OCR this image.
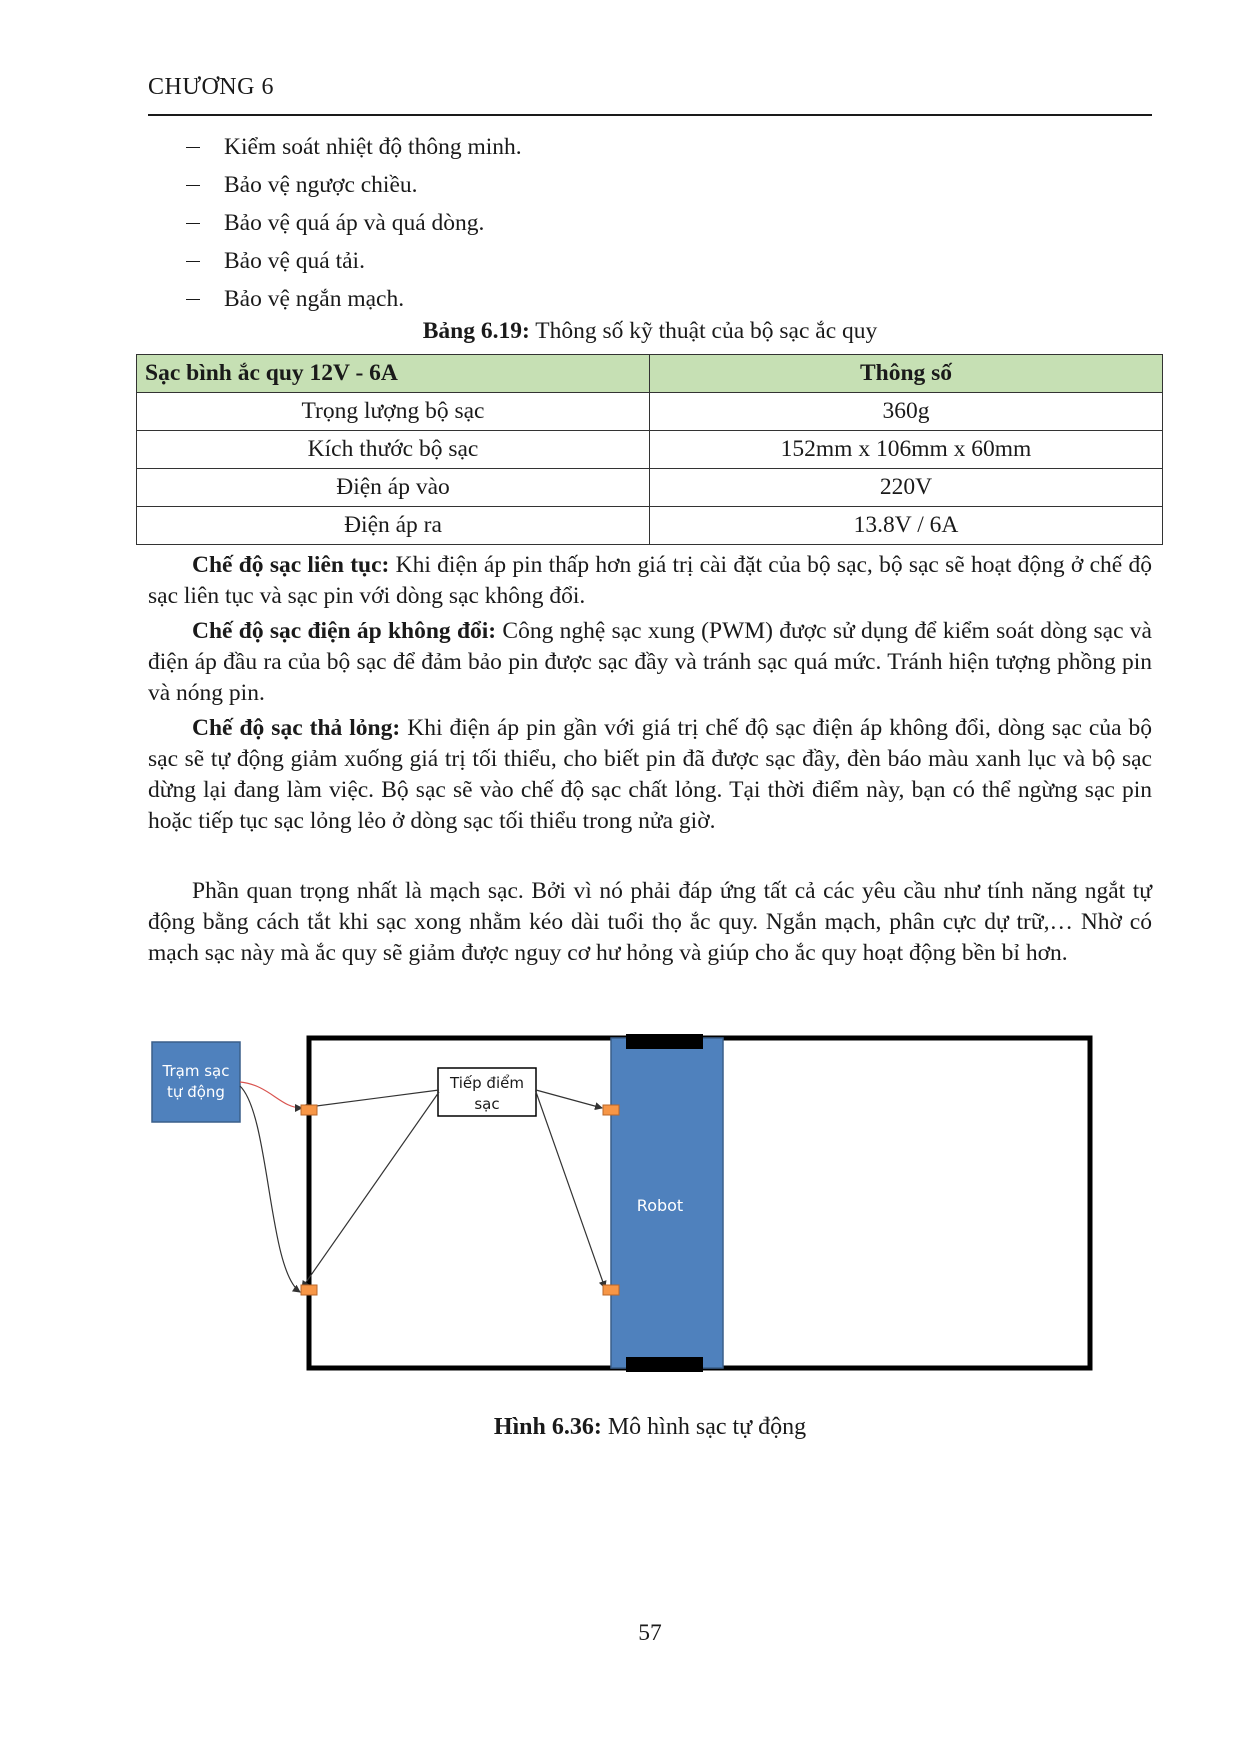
CHƯƠNG 6
Kiểm soát nhiệt độ thông minh.
Bảo vệ ngược chiều.
Bảo vệ quá áp và quá dòng.
Bảo vệ quá tải.
Bảo vệ ngắn mạch.
Bảng 6.19: Thông số kỹ thuật của bộ sạc ắc quy
Sạc bình ắc quy 12V - 6A	Thông số
Trọng lượng bộ sạc	360g
Kích thước bộ sạc	152mm x 106mm x 60mm
Điện áp vào	220V
Điện áp ra	13.8V / 6A

Chế độ sạc liên tục: Khi điện áp pin thấp hơn giá trị cài đặt của bộ sạc, bộ sạc sẽ hoạt động ở chế độ sạc liên tục và sạc pin với dòng sạc không đổi.

Chế độ sạc điện áp không đổi: Công nghệ sạc xung (PWM) được sử dụng để kiểm soát dòng sạc và điện áp đầu ra của bộ sạc để đảm bảo pin được sạc đầy và tránh sạc quá mức. Tránh hiện tượng phồng pin và nóng pin.

Chế độ sạc thả lỏng: Khi điện áp pin gần với giá trị chế độ sạc điện áp không đổi, dòng sạc của bộ sạc sẽ tự động giảm xuống giá trị tối thiểu, cho biết pin đã được sạc đầy, đèn báo màu xanh lục và bộ sạc dừng lại đang làm việc. Bộ sạc sẽ vào chế độ sạc chất lỏng. Tại thời điểm này, bạn có thể ngừng sạc pin hoặc tiếp tục sạc lỏng lẻo ở dòng sạc tối thiểu trong nửa giờ.

Phần quan trọng nhất là mạch sạc. Bởi vì nó phải đáp ứng tất cả các yêu cầu như tính năng ngắt tự động bằng cách tắt khi sạc xong nhằm kéo dài tuổi thọ ắc quy. Ngắn mạch, phân cực dự trữ,… Nhờ có mạch sạc này mà ắc quy sẽ giảm được nguy cơ hư hỏng và giúp cho ắc quy hoạt động bền bỉ hơn.

Robot
Trạm sạc
tự động	Tiếp điểm
sạc
Hình 6.36: Mô hình sạc tự động
57
